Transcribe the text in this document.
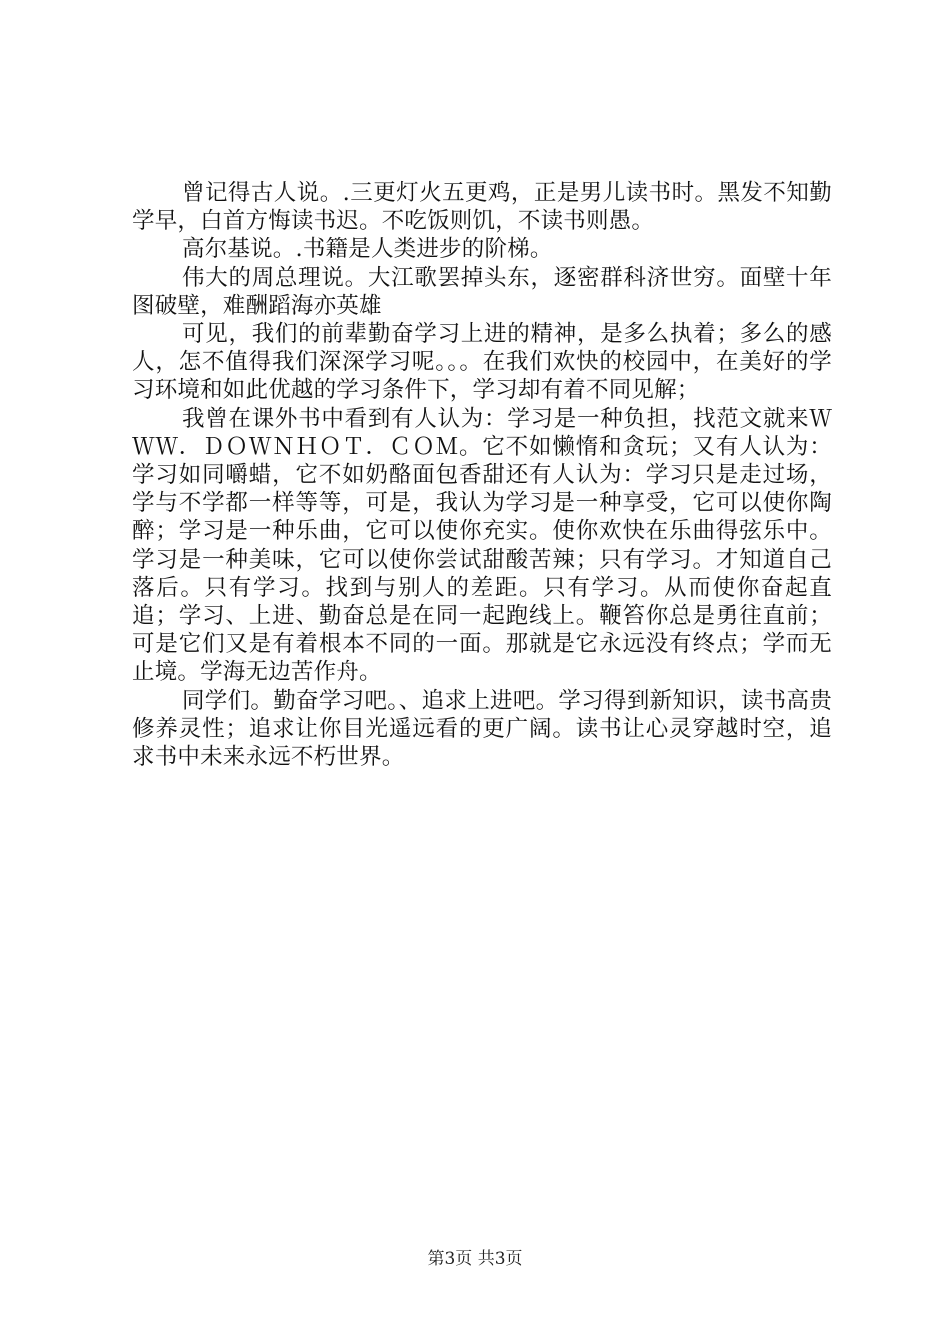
曾记得古人说。.三更灯火五更鸡，正是男儿读书时。黑发不知勤学早，白首方悔读书迟。不吃饭则饥，不读书则愚。

高尔基说。.书籍是人类进步的阶梯。

伟大的周总理说。大江歌罢掉头东，逐密群科济世穷。面壁十年图破壁，难酬蹈海亦英雄

可见，我们的前辈勤奋学习上进的精神，是多么执着；多么的感人，怎不值得我们深深学习呢。。。在我们欢快的校园中，在美好的学习环境和如此优越的学习条件下，学习却有着不同见解；

我曾在课外书中看到有人认为：学习是一种负担，找范文就来ＷＷＷ．ＤＯＷＮＨＯＴ．ＣＯＭ。它不如懒惰和贪玩；又有人认为：学习如同嚼蜡，它不如奶酪面包香甜还有人认为：学习只是走过场，学与不学都一样等等，可是，我认为学习是一种享受，它可以使你陶醉；学习是一种乐曲，它可以使你充实。使你欢快在乐曲得弦乐中。学习是一种美味，它可以使你尝试甜酸苦辣；只有学习。才知道自己落后。只有学习。找到与别人的差距。只有学习。从而使你奋起直追；学习、上进、勤奋总是在同一起跑线上。鞭笞你总是勇往直前；可是它们又是有着根本不同的一面。那就是它永远没有终点；学而无止境。学海无边苦作舟。

同学们。勤奋学习吧。、追求上进吧。学习得到新知识，读书高贵修养灵性；追求让你目光遥远看的更广阔。读书让心灵穿越时空，追求书中未来永远不朽世界。

第3页 共3页
